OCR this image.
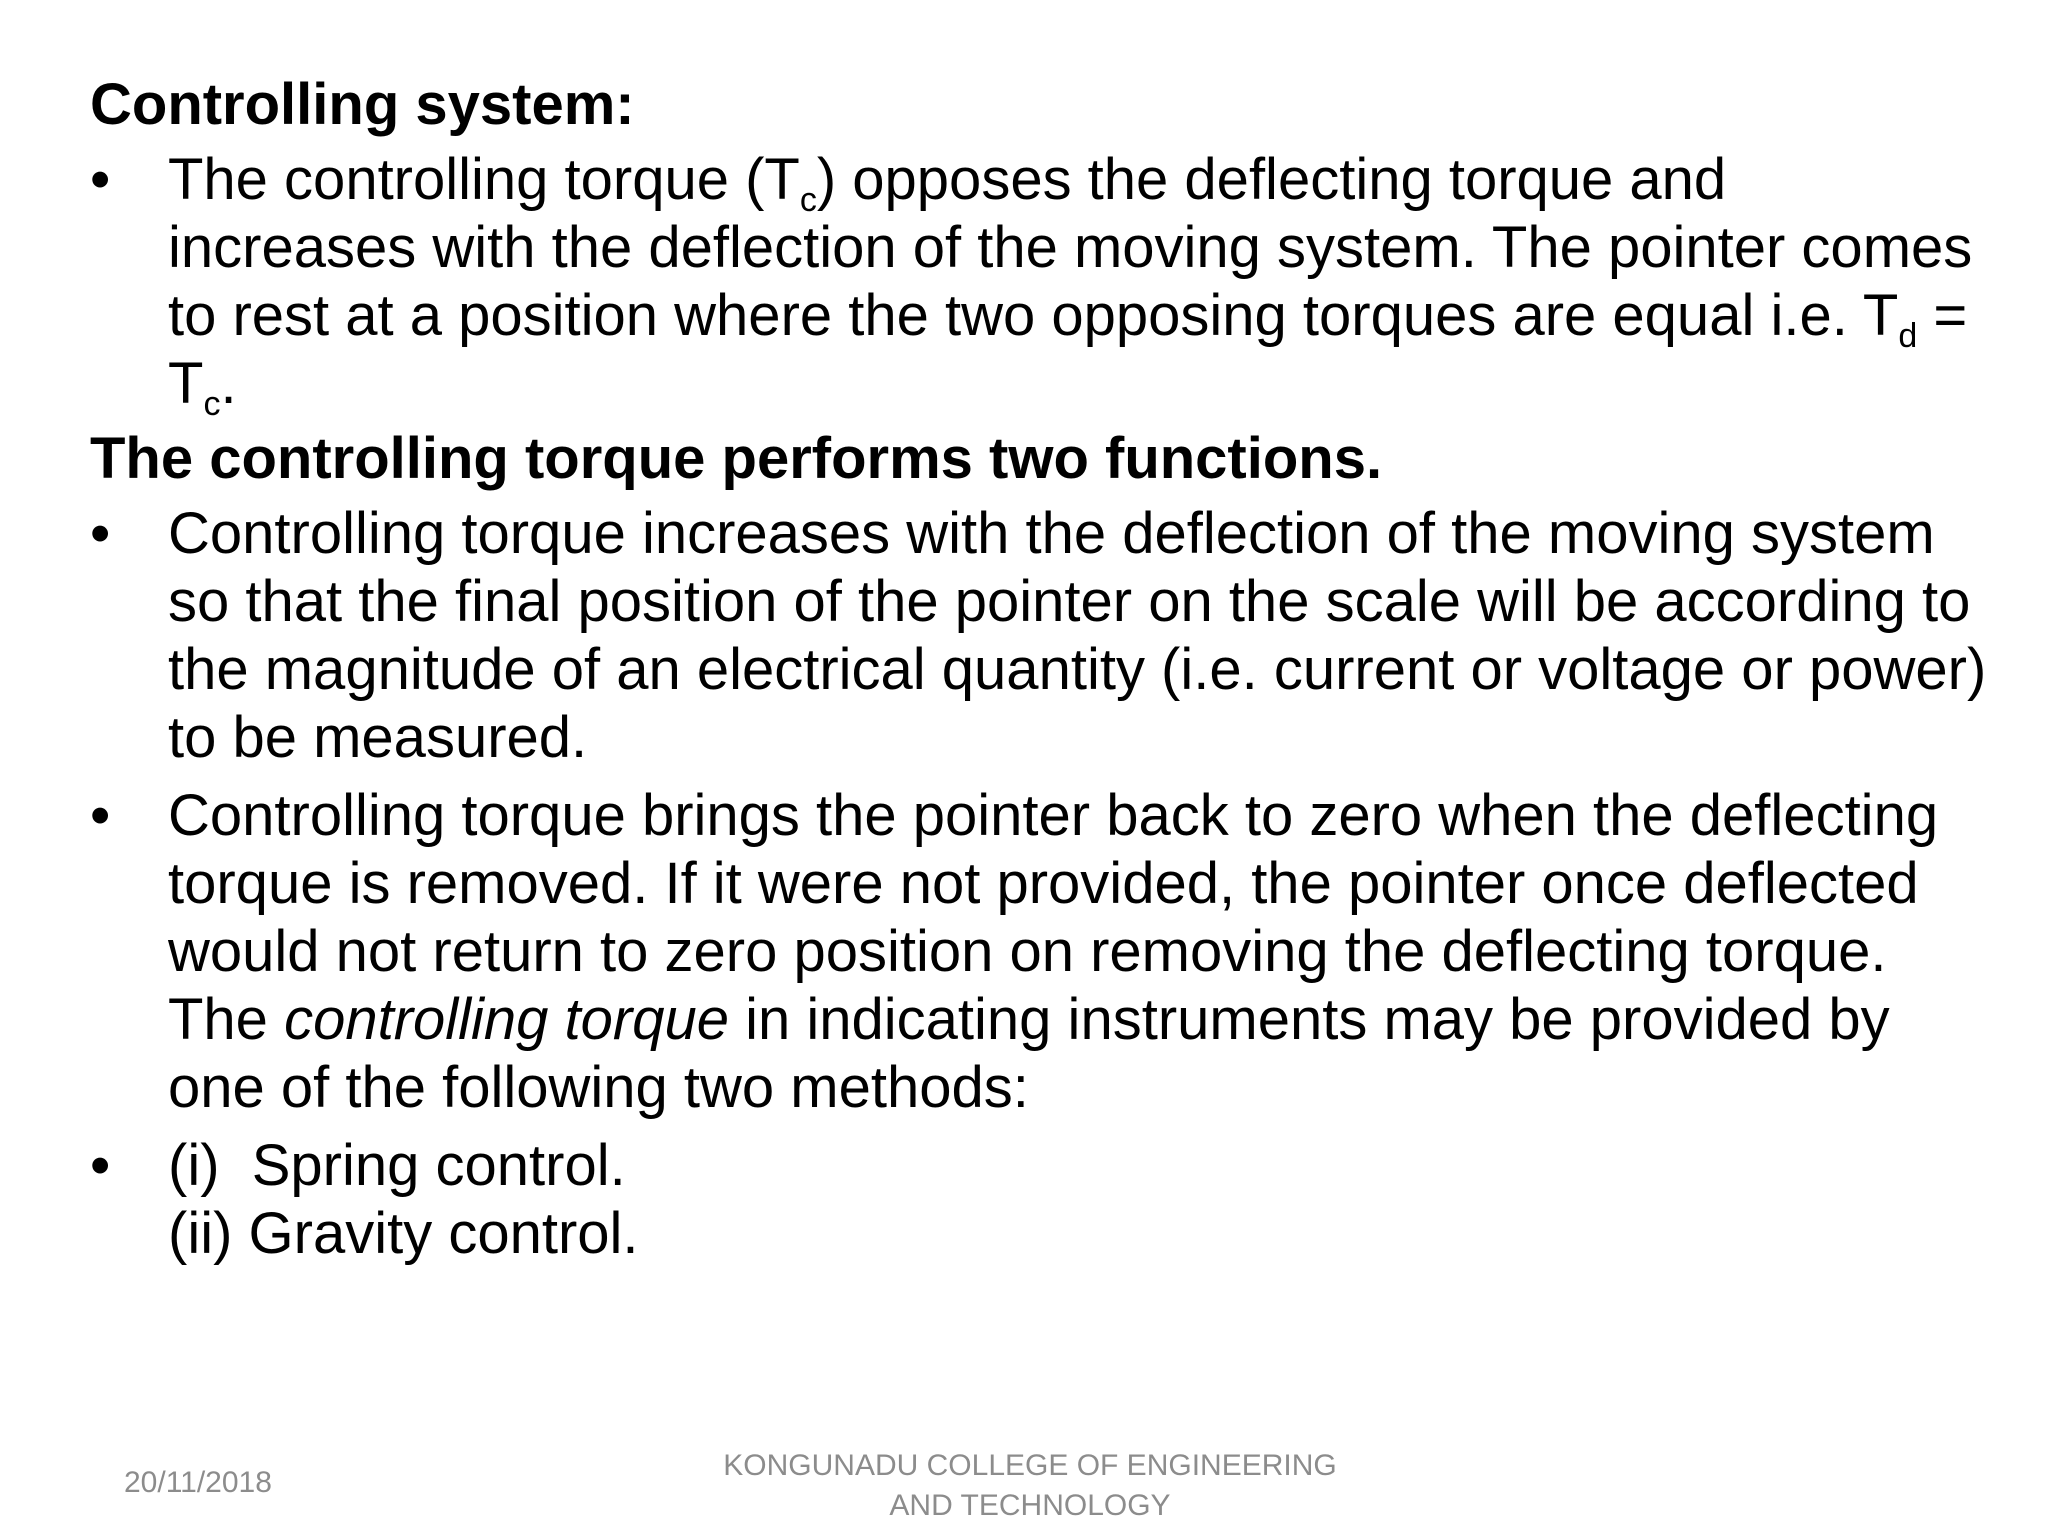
Controlling system:

• The controlling torque $(T_c)$ opposes the deflecting torque and increases with the deflection of the moving system. The pointer comes to rest at a position where the two opposing torques are equal i.e. $T_d = T_c$.

The controlling torque performs two functions.

• Controlling torque increases with the deflection of the moving system so that the final position of the pointer on the scale will be according to the magnitude of an electrical quantity (i.e. current or voltage or power) to be measured.

• Controlling torque brings the pointer back to zero when the deflecting torque is removed. If it were not provided, the pointer once deflected would not return to zero position on removing the deflecting torque. The controlling torque in indicating instruments may be provided by one of the following two methods:

• (i)  Spring control.
(ii) Gravity control.

20/11/2018
KONGUNADU COLLEGE OF ENGINEERING
AND TECHNOLOGY
